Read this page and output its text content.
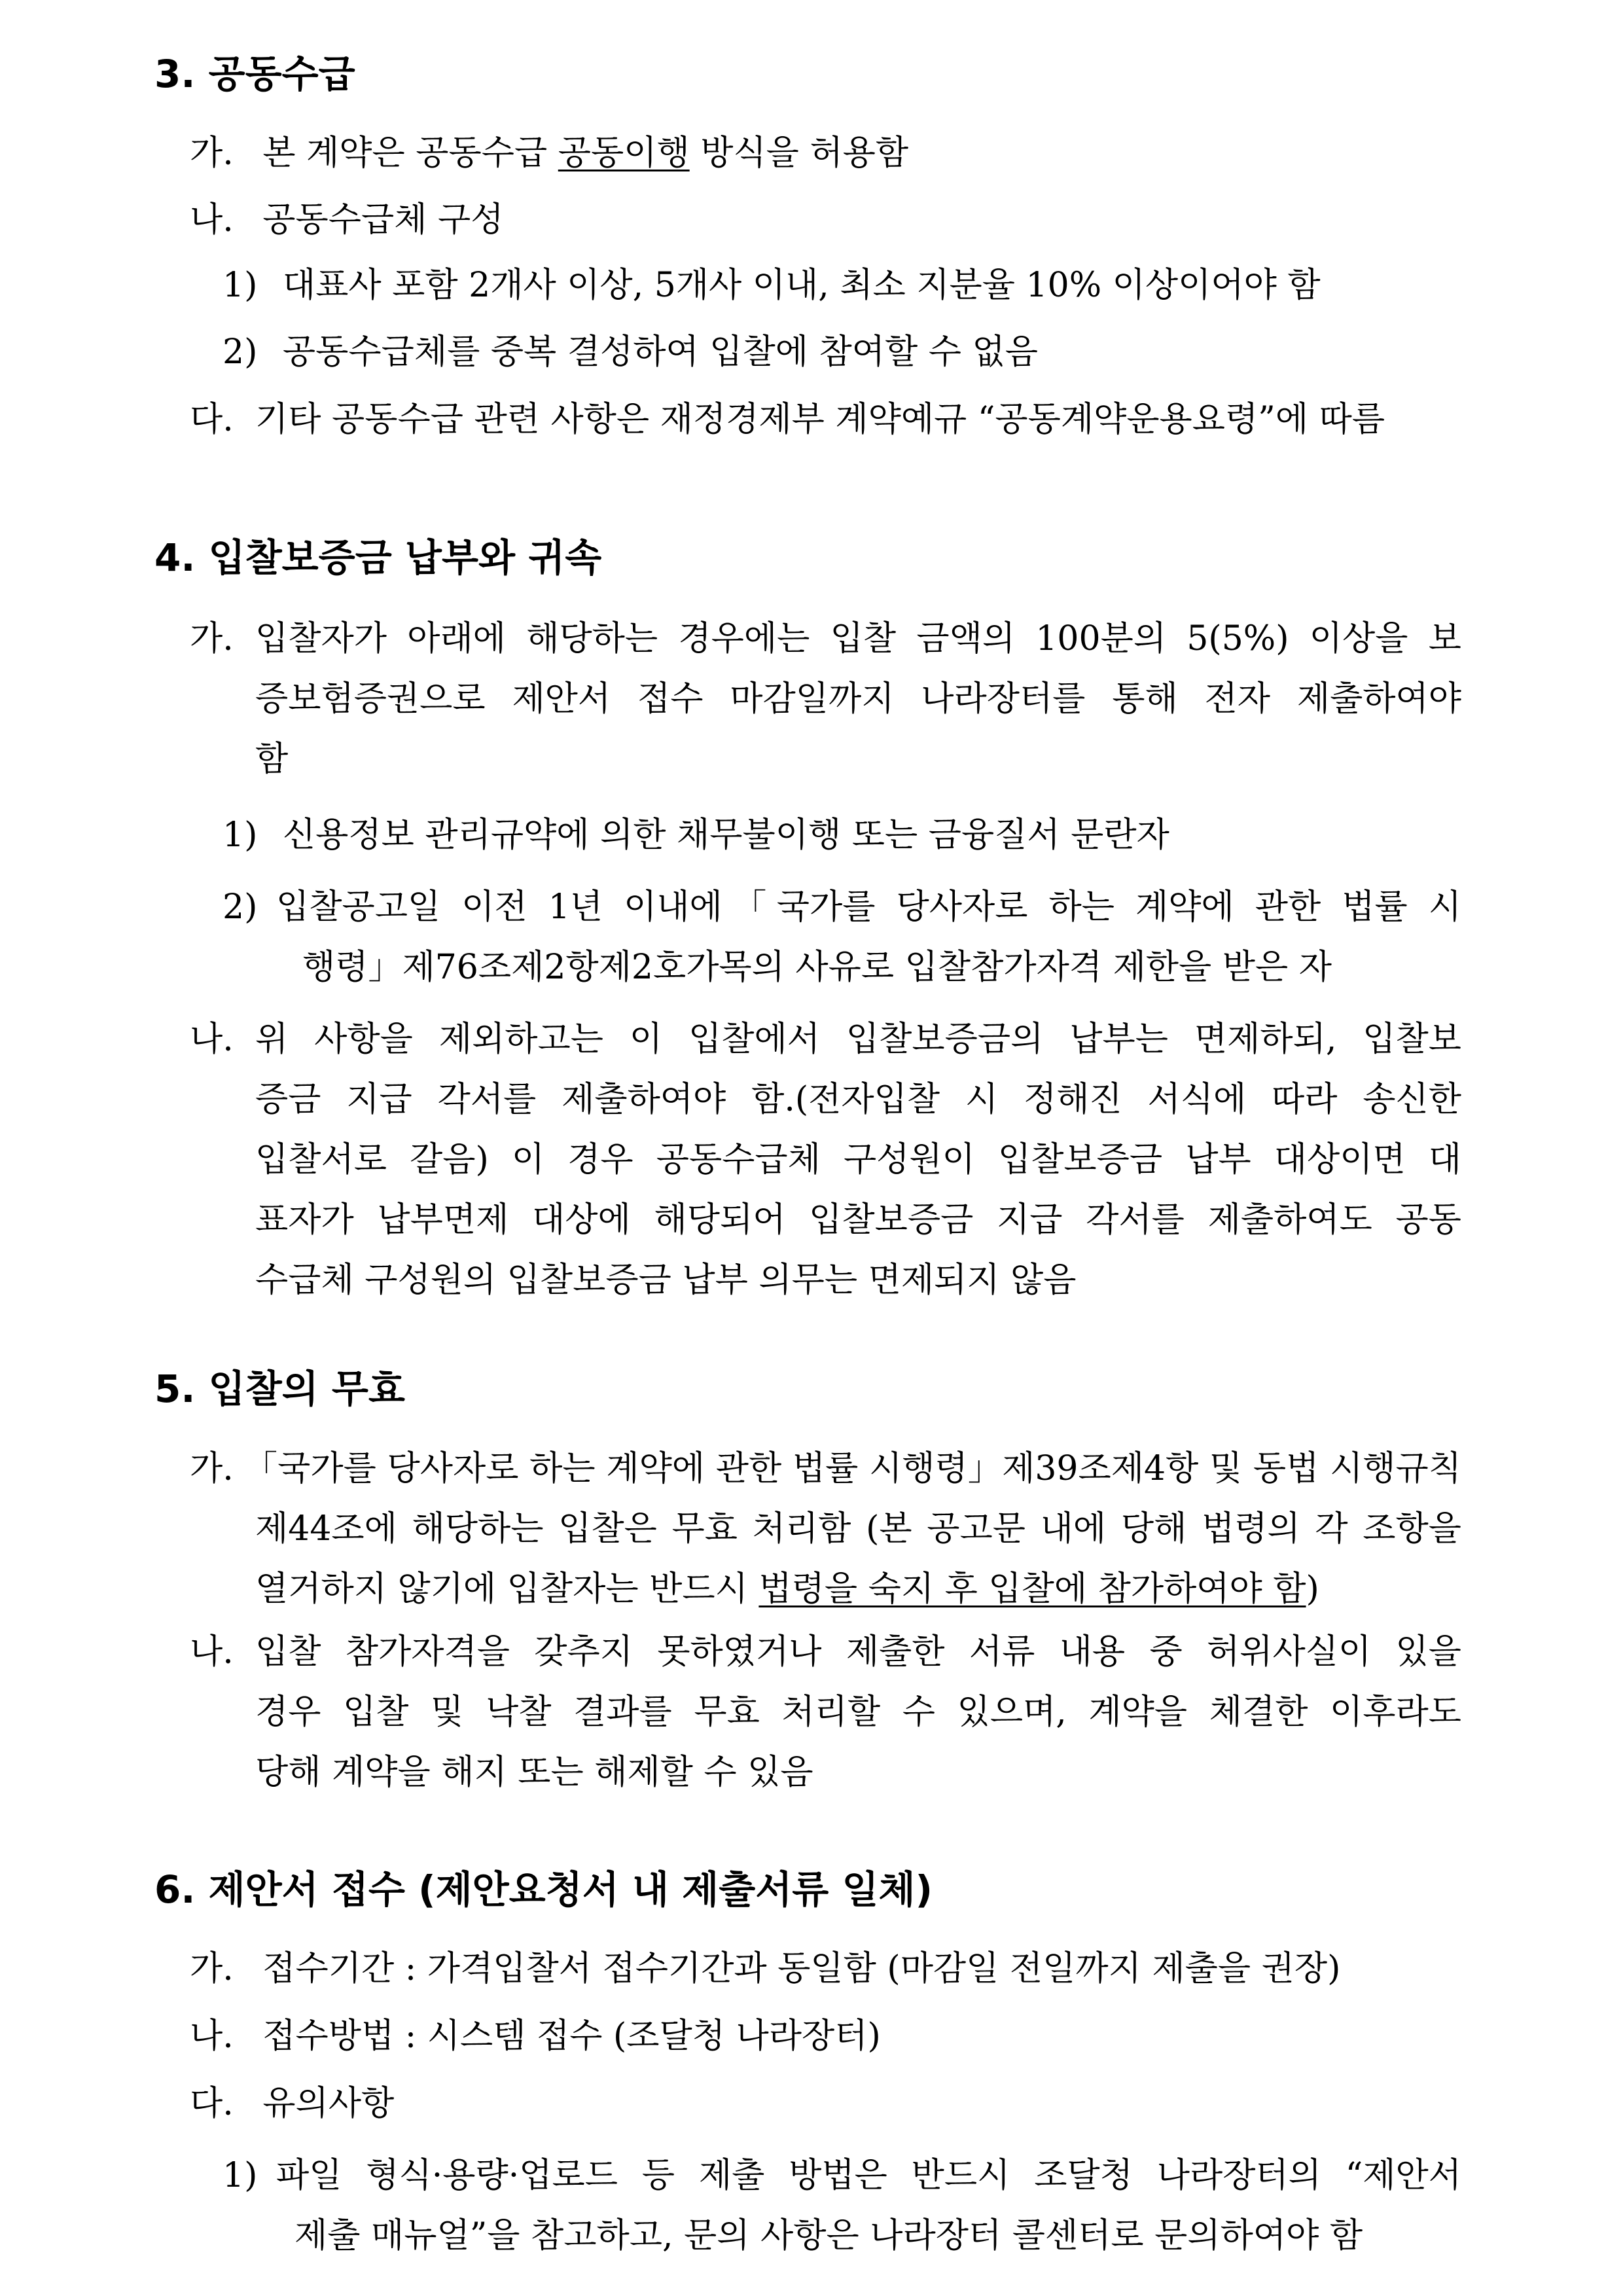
3. 공동수급
가. 본 계약은 공동수급 공동이행 방식을 허용함
나. 공동수급체 구성
1) 대표사 포함 2개사 이상, 5개사 이내, 최소 지분율 10% 이상이어야 함
2) 공동수급체를 중복 결성하여 입찰에 참여할 수 없음
다. 기타 공동수급 관련 사항은 재정경제부 계약예규 “공동계약운용요령”에 따름
4. 입찰보증금 납부와 귀속
가. 입찰자가 아래에 해당하는 경우에는 입찰 금액의 100분의 5(5%) 이상을 보
증보험증권으로 제안서 접수 마감일까지 나라장터를 통해 전자 제출하여야
함
1) 신용정보 관리규약에 의한 채무불이행 또는 금융질서 문란자
2) 입찰공고일 이전 1년 이내에「국가를 당사자로 하는 계약에 관한 법률 시
행령」제76조제2항제2호가목의 사유로 입찰참가자격 제한을 받은 자
나. 위 사항을 제외하고는 이 입찰에서 입찰보증금의 납부는 면제하되, 입찰보
증금 지급 각서를 제출하여야 함.(전자입찰 시 정해진 서식에 따라 송신한
입찰서로 갈음) 이 경우 공동수급체 구성원이 입찰보증금 납부 대상이면 대
표자가 납부면제 대상에 해당되어 입찰보증금 지급 각서를 제출하여도 공동
수급체 구성원의 입찰보증금 납부 의무는 면제되지 않음
5. 입찰의 무효
가. 「국가를 당사자로 하는 계약에 관한 법률 시행령」제39조제4항 및 동법 시행규칙
제44조에 해당하는 입찰은 무효 처리함 (본 공고문 내에 당해 법령의 각 조항을
열거하지 않기에 입찰자는 반드시 법령을 숙지 후 입찰에 참가하여야 함)
나. 입찰 참가자격을 갖추지 못하였거나 제출한 서류 내용 중 허위사실이 있을
경우 입찰 및 낙찰 결과를 무효 처리할 수 있으며, 계약을 체결한 이후라도
당해 계약을 해지 또는 해제할 수 있음
6. 제안서 접수 (제안요청서 내 제출서류 일체)
가. 접수기간 : 가격입찰서 접수기간과 동일함 (마감일 전일까지 제출을 권장)
나. 접수방법 : 시스템 접수 (조달청 나라장터)
다. 유의사항
1) 파일 형식·용량·업로드 등 제출 방법은 반드시 조달청 나라장터의 “제안서
제출 매뉴얼”을 참고하고, 문의 사항은 나라장터 콜센터로 문의하여야 함
